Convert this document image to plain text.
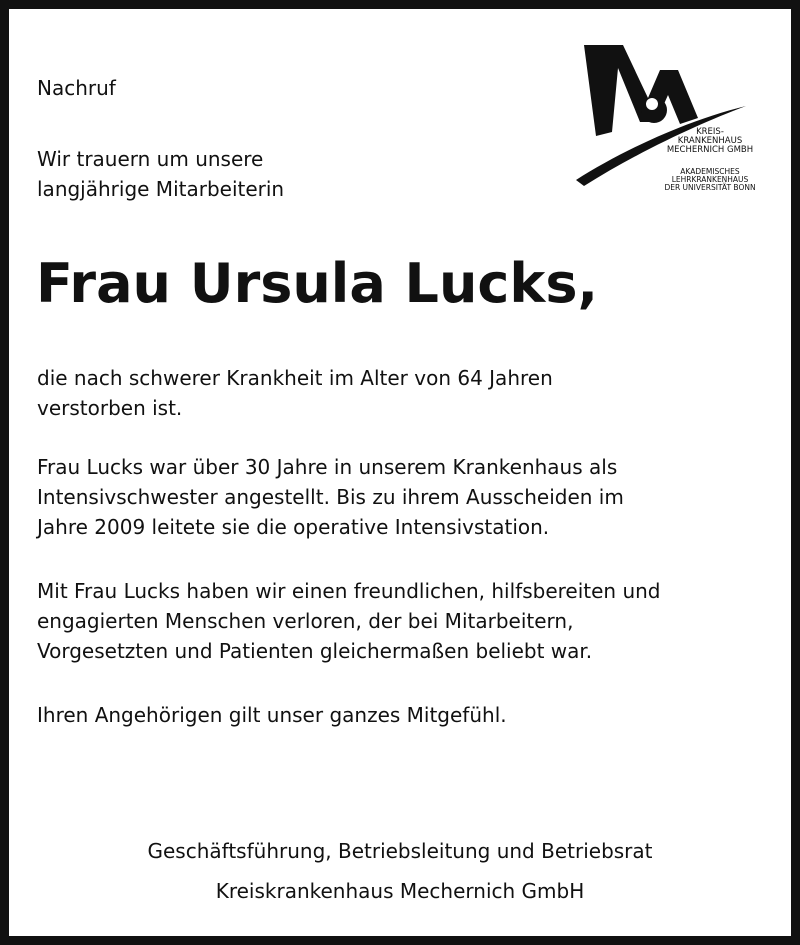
Nachruf
Wir trauern um unsere
langjährige Mitarbeiterin
Frau Ursula Lucks,
die nach schwerer Krankheit im Alter von 64 Jahren
verstorben ist.
Frau Lucks war über 30 Jahre in unserem Krankenhaus als
Intensivschwester angestellt. Bis zu ihrem Ausscheiden im
Jahre 2009 leitete sie die operative Intensivstation.
Mit Frau Lucks haben wir einen freundlichen, hilfsbereiten und
engagierten Menschen verloren, der bei Mitarbeitern,
Vorgesetzten und Patienten gleichermaßen beliebt war.
Ihren Angehörigen gilt unser ganzes Mitgefühl.
Geschäftsführung, Betriebsleitung und Betriebsrat
Kreiskrankenhaus Mechernich GmbH
KREIS-
KRANKENHAUS
MECHERNICH GMBH
AKADEMISCHES
LEHRKRANKENHAUS
DER UNIVERSITÄT BONN
